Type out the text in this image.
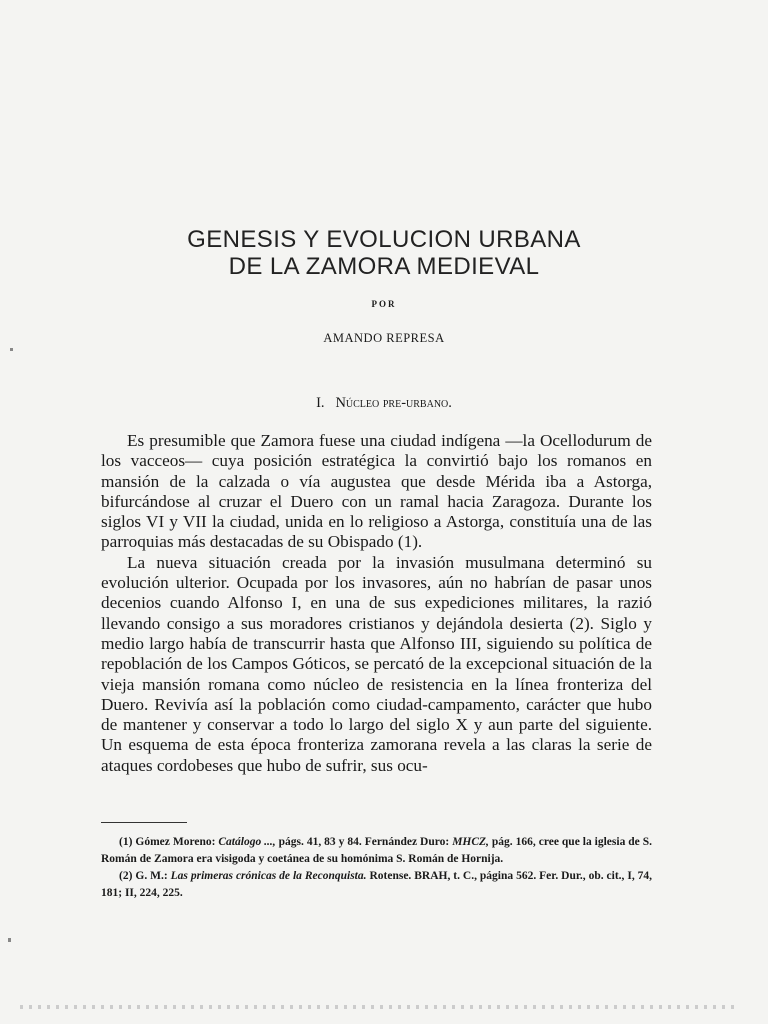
GENESIS Y EVOLUCION URBANA
DE LA ZAMORA MEDIEVAL
POR
AMANDO REPRESA
I. Núcleo pre-urbano.

Es presumible que Zamora fuese una ciudad indígena —la Ocellodurum de los vacceos— cuya posición estratégica la convirtió bajo los romanos en mansión de la calzada o vía augustea que desde Mérida iba a Astorga, bifurcándose al cruzar el Duero con un ramal hacia Zaragoza. Durante los siglos VI y VII la ciudad, unida en lo religioso a Astorga, constituía una de las parroquias más destacadas de su Obispado (1).

La nueva situación creada por la invasión musulmana determinó su evolución ulterior. Ocupada por los invasores, aún no habrían de pasar unos decenios cuando Alfonso I, en una de sus expediciones militares, la razió llevando consigo a sus moradores cristianos y dejándola desierta (2). Siglo y medio largo había de transcurrir hasta que Alfonso III, siguiendo su política de repoblación de los Campos Góticos, se percató de la excepcional situación de la vieja mansión romana como núcleo de resistencia en la línea fronteriza del Duero. Revivía así la población como ciudad-campamento, carácter que hubo de mantener y conservar a todo lo largo del siglo X y aun parte del siguiente. Un esquema de esta época fronteriza zamorana revela a las claras la serie de ataques cordobeses que hubo de sufrir, sus ocu-

(1) Gómez Moreno: Catálogo ..., págs. 41, 83 y 84. Fernández Duro: MHCZ, pág. 166, cree que la iglesia de S. Román de Zamora era visigoda y coetánea de su homónima S. Román de Hornija.

(2) G. M.: Las primeras crónicas de la Reconquista. Rotense. BRAH, t. C., página 562. Fer. Dur., ob. cit., I, 74, 181; II, 224, 225.
